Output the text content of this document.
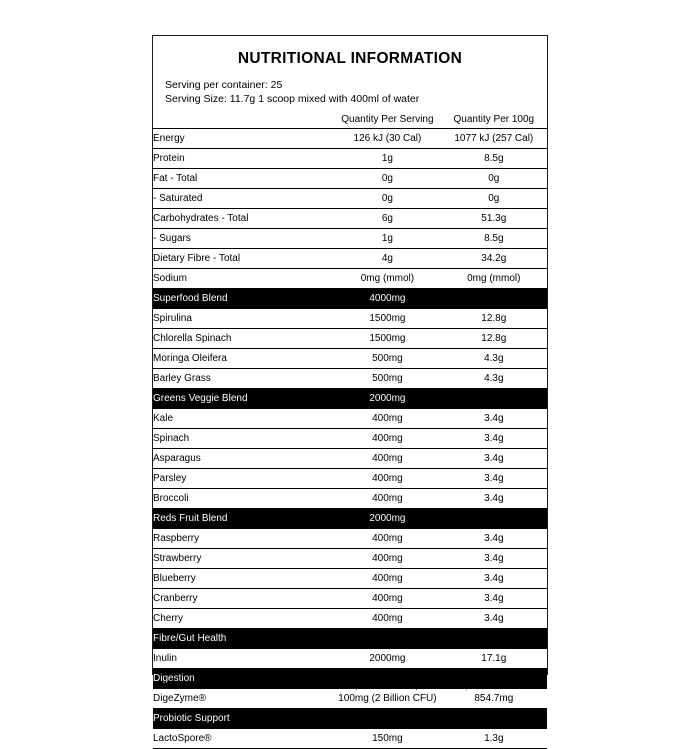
NUTRITIONAL INFORMATION
Serving per container: 25
Serving Size: 11.7g 1 scoop mixed with 400ml of water
	Quantity Per Serving	Quantity Per 100g
Energy	126 kJ (30 Cal)	1077 kJ (257 Cal)
Protein	1g	8.5g
Fat - Total	0g	0g
- Saturated	0g	0g
Carbohydrates - Total	6g	51.3g
- Sugars	1g	8.5g
Dietary Fibre - Total	4g	34.2g
Sodium	0mg (mmol)	0mg (mmol)
Superfood Blend	4000mg	
Spirulina	1500mg	12.8g
Chlorella Spinach	1500mg	12.8g
Moringa Oleifera	500mg	4.3g
Barley Grass	500mg	4.3g
Greens Veggie Blend	2000mg	
Kale	400mg	3.4g
Spinach	400mg	3.4g
Asparagus	400mg	3.4g
Parsley	400mg	3.4g
Broccoli	400mg	3.4g
Reds Fruit Blend	2000mg	
Raspberry	400mg	3.4g
Strawberry	400mg	3.4g
Blueberry	400mg	3.4g
Cranberry	400mg	3.4g
Cherry	400mg	3.4g
Fibre/Gut Health		
Inulin	2000mg	17.1g
Digestion		
DigeZyme®	100mg (2 Billion CFU)	854.7mg
Probiotic Support		
LactoSpore®	150mg	1.3g
INGREDIENTS: Natural & Artificial Flavours, Tartaric Acid, Sucralose, Silicon Dioxide.
